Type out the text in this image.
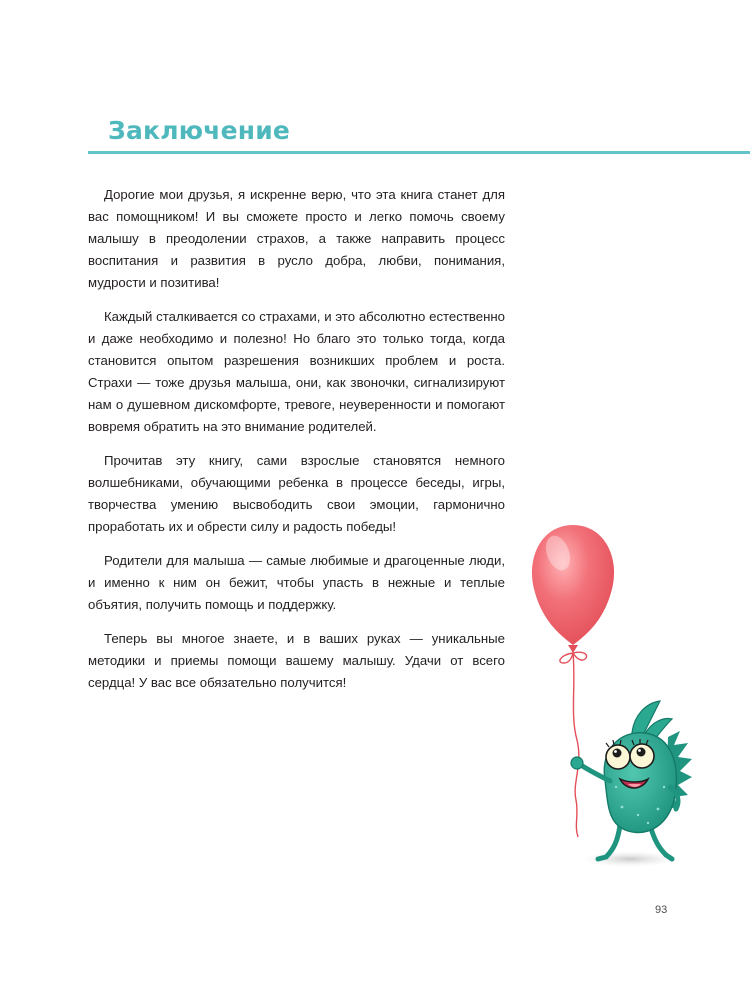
Заключение

Дорогие мои друзья, я искренне верю, что эта книга станет для вас помощником! И вы сможете просто и легко помочь своему малышу в преодолении страхов, а также направить процесс воспитания и развития в русло добра, любви, понимания, мудрости и позитива!

Каждый сталкивается со страхами, и это абсолютно естественно и даже необходимо и полезно! Но благо это только тогда, когда становится опытом разрешения возникших проблем и роста. Страхи — тоже друзья малыша, они, как звоночки, сигнализируют нам о душевном дискомфорте, тревоге, неуверенности и помогают вовремя обратить на это внимание родителей.

Прочитав эту книгу, сами взрослые становятся немного волшебниками, обучающими ребенка в процессе беседы, игры, творчества умению высвободить свои эмоции, гармонично проработать их и обрести силу и радость победы!

Родители для малыша — самые любимые и драгоценные люди, и именно к ним он бежит, чтобы упасть в нежные и теплые объятия, получить помощь и поддержку.

Теперь вы многое знаете, и в ваших руках — уникальные методики и приемы помощи вашему малышу. Удачи от всего сердца! У вас все обязательно получится!

93
